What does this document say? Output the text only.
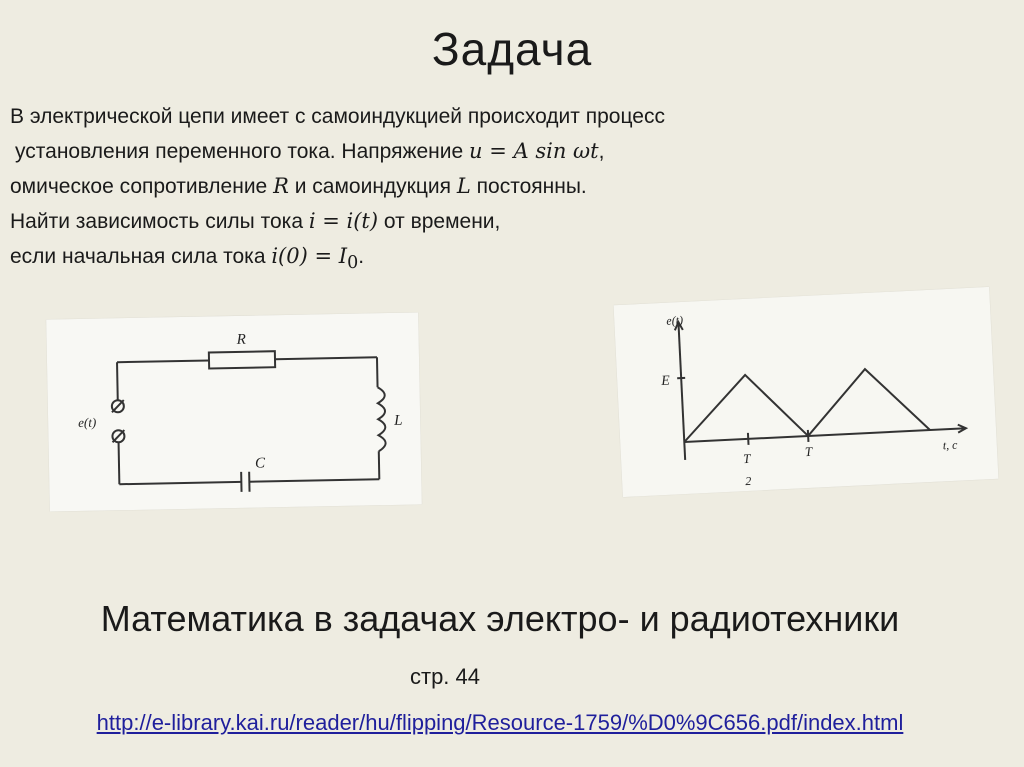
Задача
В электрической цепи имеет с самоиндукцией происходит процесс
установления переменного тока. Напряжение u = A sin ωt,
омическое сопротивление R и самоиндукция L постоянны.
Найти зависимость силы тока i = i(t) от времени,
если начальная сила тока $i(0) = I_0$.
R
L
C
e(t)
e(t)
E
T
2
T	t, c
Математика в задачах электро- и радиотехники
стр. 44
http://e-library.kai.ru/reader/hu/flipping/Resource-1759/%D0%9C656.pdf/index.html
